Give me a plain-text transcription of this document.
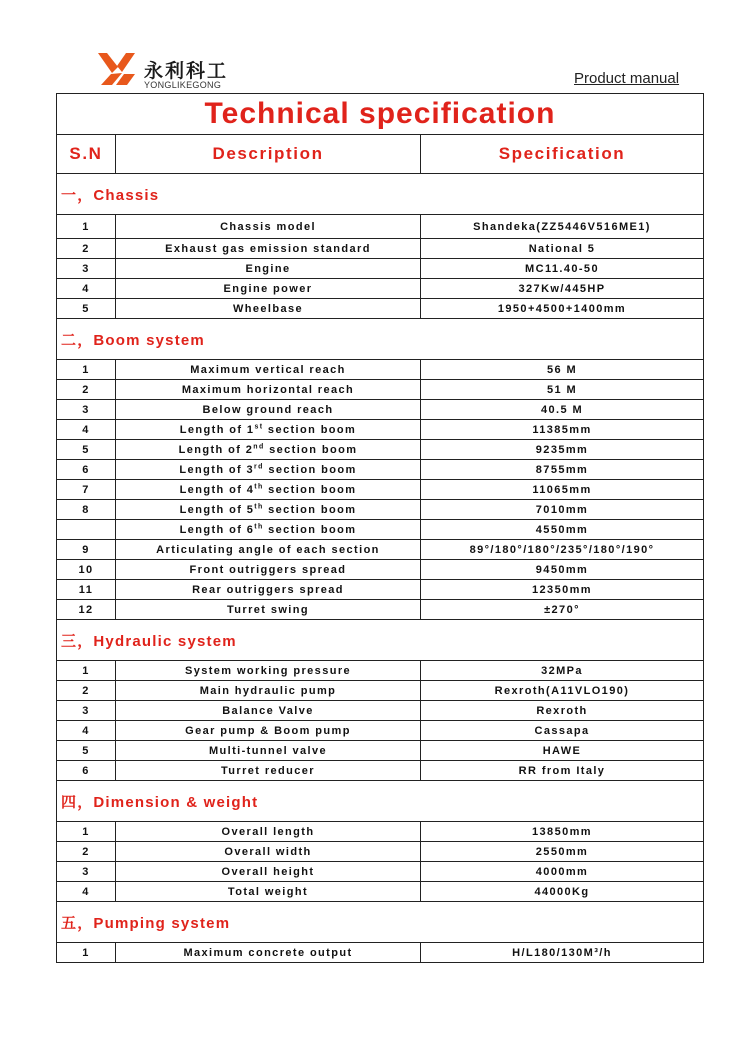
永利科工
YONGLIKEGONG	Product manual
Technical specification		
S.N	Description	Specification
一，Chassis		
1	Chassis model	Shandeka(ZZ5446V516ME1)
2	Exhaust gas emission standard	National 5
3	Engine	MC11.40-50
4	Engine power	327Kw/445HP
5	Wheelbase	1950+4500+1400mm
二，Boom system		
1	Maximum vertical reach	56 M
2	Maximum horizontal reach	51 M
3	Below ground reach	40.5 M
4	Length of 1st section boom	11385mm
5	Length of 2nd section boom	9235mm
6	Length of 3rd section boom	8755mm
7	Length of 4th section boom	11065mm
8	Length of 5th section boom	7010mm
	Length of 6th section boom	4550mm
9	Articulating angle of each section	89°/180°/180°/235°/180°/190°
10	Front outriggers spread	9450mm
11	Rear outriggers spread	12350mm
12	Turret swing	±270°
三，Hydraulic system		
1	System working pressure	32MPa
2	Main hydraulic pump	Rexroth(A11VLO190)
3	Balance Valve	Rexroth
4	Gear pump & Boom pump	Cassapa
5	Multi-tunnel valve	HAWE
6	Turret reducer	RR from Italy
四，Dimension & weight		
1	Overall length	13850mm
2	Overall width	2550mm
3	Overall height	4000mm
4	Total weight	44000Kg
五，Pumping system		
1	Maximum concrete output	H/L180/130M³/h
